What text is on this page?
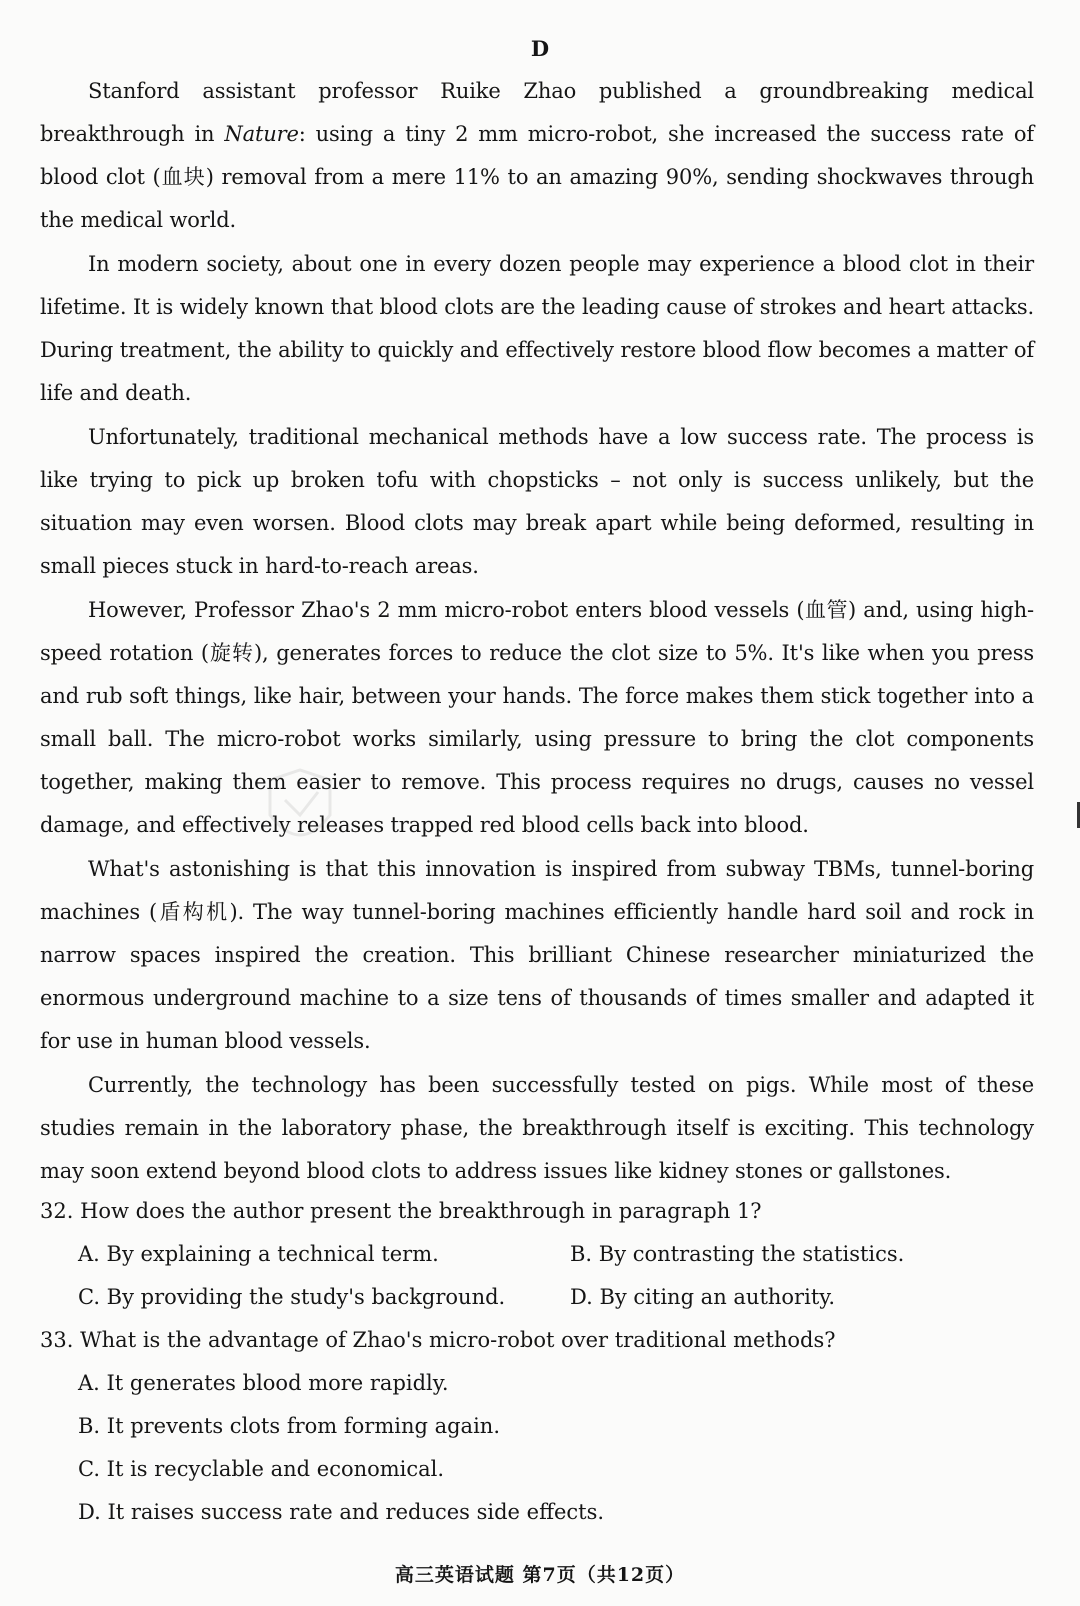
D

Stanford assistant professor Ruike Zhao published a groundbreaking medical breakthrough in Nature: using a tiny 2 mm micro-robot, she increased the success rate of blood clot (血块) removal from a mere 11% to an amazing 90%, sending shockwaves through the medical world.

In modern society, about one in every dozen people may experience a blood clot in their lifetime. It is widely known that blood clots are the leading cause of strokes and heart attacks. During treatment, the ability to quickly and effectively restore blood flow becomes a matter of life and death.

Unfortunately, traditional mechanical methods have a low success rate. The process is like trying to pick up broken tofu with chopsticks – not only is success unlikely, but the situation may even worsen. Blood clots may break apart while being deformed, resulting in small pieces stuck in hard-to-reach areas.

However, Professor Zhao's 2 mm micro-robot enters blood vessels (血管) and, using high-speed rotation (旋转), generates forces to reduce the clot size to 5%. It's like when you press and rub soft things, like hair, between your hands. The force makes them stick together into a small ball. The micro-robot works similarly, using pressure to bring the clot components together, making them easier to remove. This process requires no drugs, causes no vessel damage, and effectively releases trapped red blood cells back into blood.

What's astonishing is that this innovation is inspired from subway TBMs, tunnel-boring machines (盾构机). The way tunnel-boring machines efficiently handle hard soil and rock in narrow spaces inspired the creation. This brilliant Chinese researcher miniaturized the enormous underground machine to a size tens of thousands of times smaller and adapted it for use in human blood vessels.

Currently, the technology has been successfully tested on pigs. While most of these studies remain in the laboratory phase, the breakthrough itself is exciting. This technology may soon extend beyond blood clots to address issues like kidney stones or gallstones.

32. How does the author present the breakthrough in paragraph 1?

A. By explaining a technical term.	B. By contrasting the statistics.

C. By providing the study's background.	D. By citing an authority.

33. What is the advantage of Zhao's micro-robot over traditional methods?

A. It generates blood more rapidly.

B. It prevents clots from forming again.

C. It is recyclable and economical.

D. It raises success rate and reduces side effects.

高三英语试题 第7页（共12页）
